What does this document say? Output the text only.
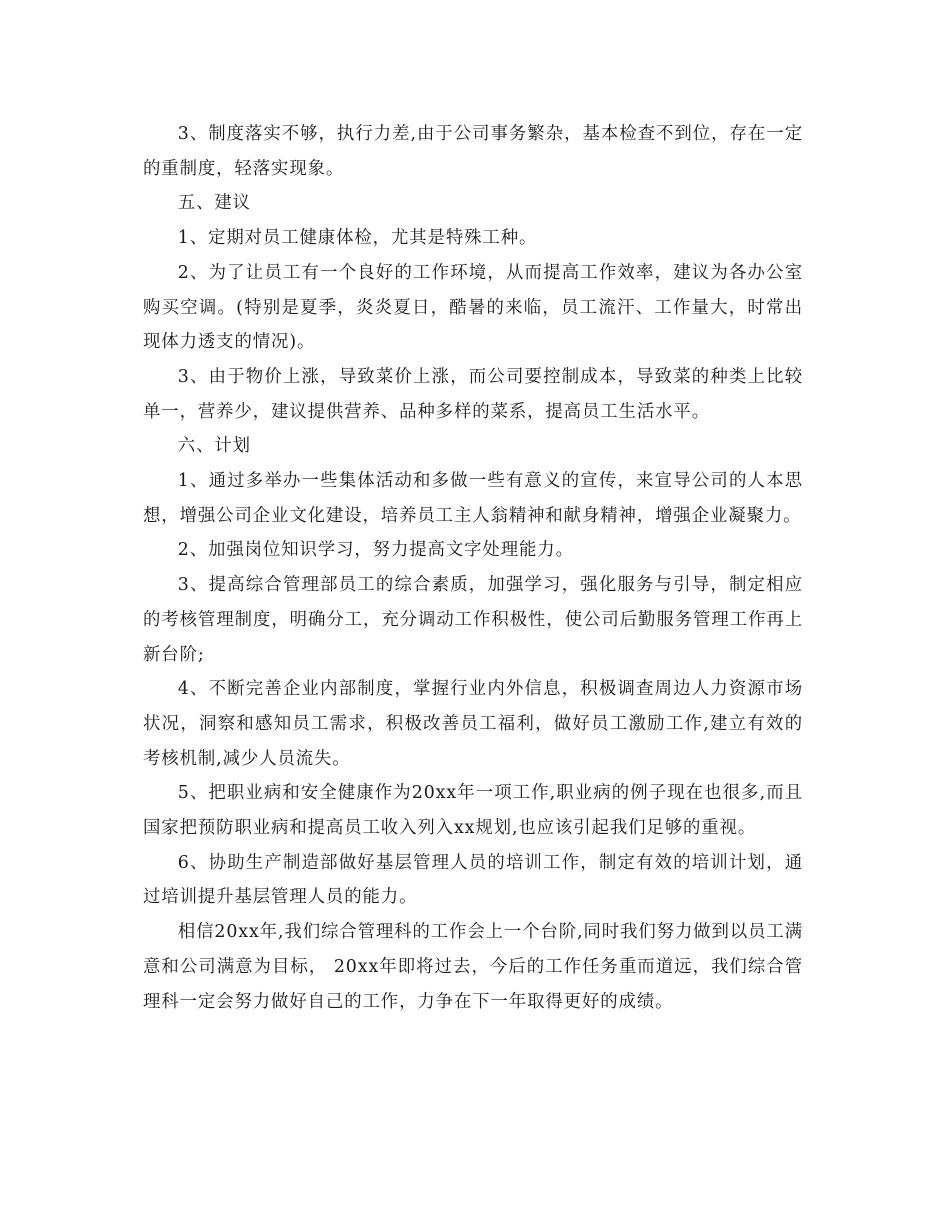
3、制度落实不够，执行力差,由于公司事务繁杂，基本检查不到位，存在一定的重制度，轻落实现象。

五、建议

1、定期对员工健康体检，尤其是特殊工种。

2、为了让员工有一个良好的工作环境，从而提高工作效率，建议为各办公室购买空调。(特别是夏季，炎炎夏日，酷暑的来临，员工流汗、工作量大，时常出现体力透支的情况)。

3、由于物价上涨，导致菜价上涨，而公司要控制成本，导致菜的种类上比较单一，营养少，建议提供营养、品种多样的菜系，提高员工生活水平。

六、计划

1、通过多举办一些集体活动和多做一些有意义的宣传，来宣导公司的人本思想，增强公司企业文化建设，培养员工主人翁精神和献身精神，增强企业凝聚力。

2、加强岗位知识学习，努力提高文字处理能力。

3、提高综合管理部员工的综合素质，加强学习，强化服务与引导，制定相应的考核管理制度，明确分工，充分调动工作积极性，使公司后勤服务管理工作再上新台阶;

4、不断完善企业内部制度，掌握行业内外信息，积极调查周边人力资源市场状况，洞察和感知员工需求，积极改善员工福利，做好员工激励工作,建立有效的考核机制,减少人员流失。

5、把职业病和安全健康作为20xx年一项工作,职业病的例子现在也很多,而且国家把预防职业病和提高员工收入列入xx规划,也应该引起我们足够的重视。

6、协助生产制造部做好基层管理人员的培训工作，制定有效的培训计划，通过培训提升基层管理人员的能力。

相信20xx年,我们综合管理科的工作会上一个台阶,同时我们努力做到以员工满意和公司满意为目标， 20xx年即将过去，今后的工作任务重而道远，我们综合管理科一定会努力做好自己的工作，力争在下一年取得更好的成绩。
